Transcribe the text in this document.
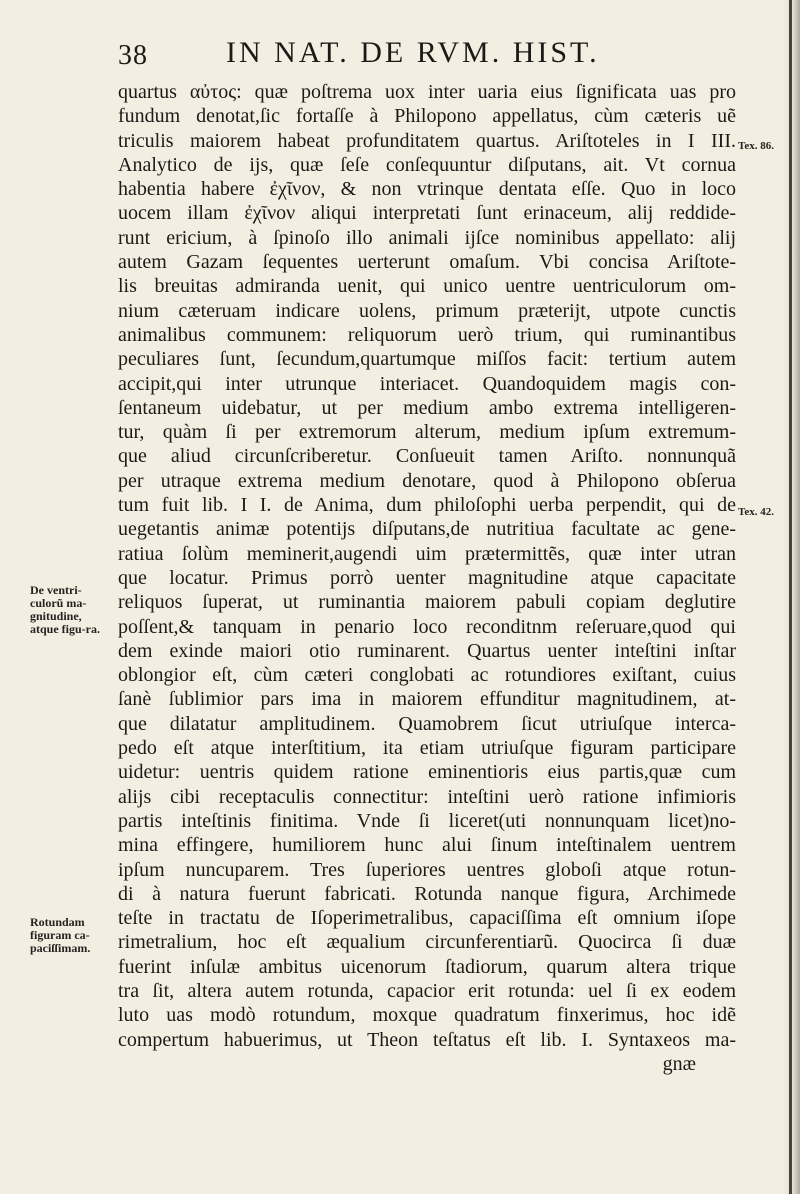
38	IN NAT. DE RVM. HIST.
quartus αὐτος: quæ poſtrema uox inter uaria eius ſignificata uas pro
fundum denotat,ſic fortaſſe à Philopono appellatus, cùm cæteris uẽ
triculis maiorem habeat profunditatem quartus. Ariſtoteles in I III.
Analytico de ijs, quæ ſeſe conſequuntur diſputans, ait. Vt cornua
habentia habere ἐχῖνον, & non vtrinque dentata eſſe. Quo in loco
uocem illam ἐχῖνον aliqui interpretati ſunt erinaceum, alij reddide-
runt ericium, à ſpinoſo illo animali ijſce nominibus appellato: alij
autem Gazam ſequentes uerterunt omaſum. Vbi concisa Ariſtote-
lis breuitas admiranda uenit, qui unico uentre uentriculorum om-
nium cæteruam indicare uolens, primum præterijt, utpote cunctis
animalibus communem: reliquorum uerò trium, qui ruminantibus
peculiares ſunt, ſecundum,quartumque miſſos facit: tertium autem
accipit,qui inter utrunque interiacet. Quandoquidem magis con-
ſentaneum uidebatur, ut per medium ambo extrema intelligeren-
tur, quàm ſi per extremorum alterum, medium ipſum extremum-
que aliud circunſcriberetur. Conſueuit tamen Ariſto. nonnunquã
per utraque extrema medium denotare, quod à Philopono obſerua
tum fuit lib. I I. de Anima, dum philoſophi uerba perpendit, qui de
uegetantis animæ potentijs diſputans,de nutritiua facultate ac gene-
ratiua ſolùm meminerit,augendi uim prætermittẽs, quæ inter utran
que locatur. Primus porrò uenter magnitudine atque capacitate
reliquos ſuperat, ut ruminantia maiorem pabuli copiam deglutire
poſſent,& tanquam in penario loco reconditnm reſeruare,quod qui
dem exinde maiori otio ruminarent. Quartus uenter inteſtini inſtar
oblongior eſt, cùm cæteri conglobati ac rotundiores exiſtant, cuius
ſanè ſublimior pars ima in maiorem effunditur magnitudinem, at-
que dilatatur amplitudinem. Quamobrem ſicut utriuſque interca-
pedo eſt atque interſtitium, ita etiam utriuſque figuram participare
uidetur: uentris quidem ratione eminentioris eius partis,quæ cum
alijs cibi receptaculis connectitur: inteſtini uerò ratione infimioris
partis inteſtinis finitima. Vnde ſi liceret(uti nonnunquam licet)no-
mina effingere, humiliorem hunc alui ſinum inteſtinalem uentrem
ipſum nuncuparem. Tres ſuperiores uentres globoſi atque rotun-
di à natura fuerunt fabricati. Rotunda nanque figura, Archimede
teſte in tractatu de Iſoperimetralibus, capaciſſima eſt omnium iſope
rimetralium, hoc eſt æqualium circunferentiarũ. Quocirca ſi duæ
fuerint inſulæ ambitus uicenorum ſtadiorum, quarum altera trique
tra ſit, altera autem rotunda, capacior erit rotunda: uel ſi ex eodem
luto uas modò rotundum, moxque quadratum finxerimus, hoc idẽ
compertum habuerimus, ut Theon teſtatus eſt lib. I. Syntaxeos ma-
gnæ
De ventri-culorũ ma-gnitudine, atque figu-ra.
Rotundam figuram ca-paciſſimam.
Tex. 86.
Tex. 42.
